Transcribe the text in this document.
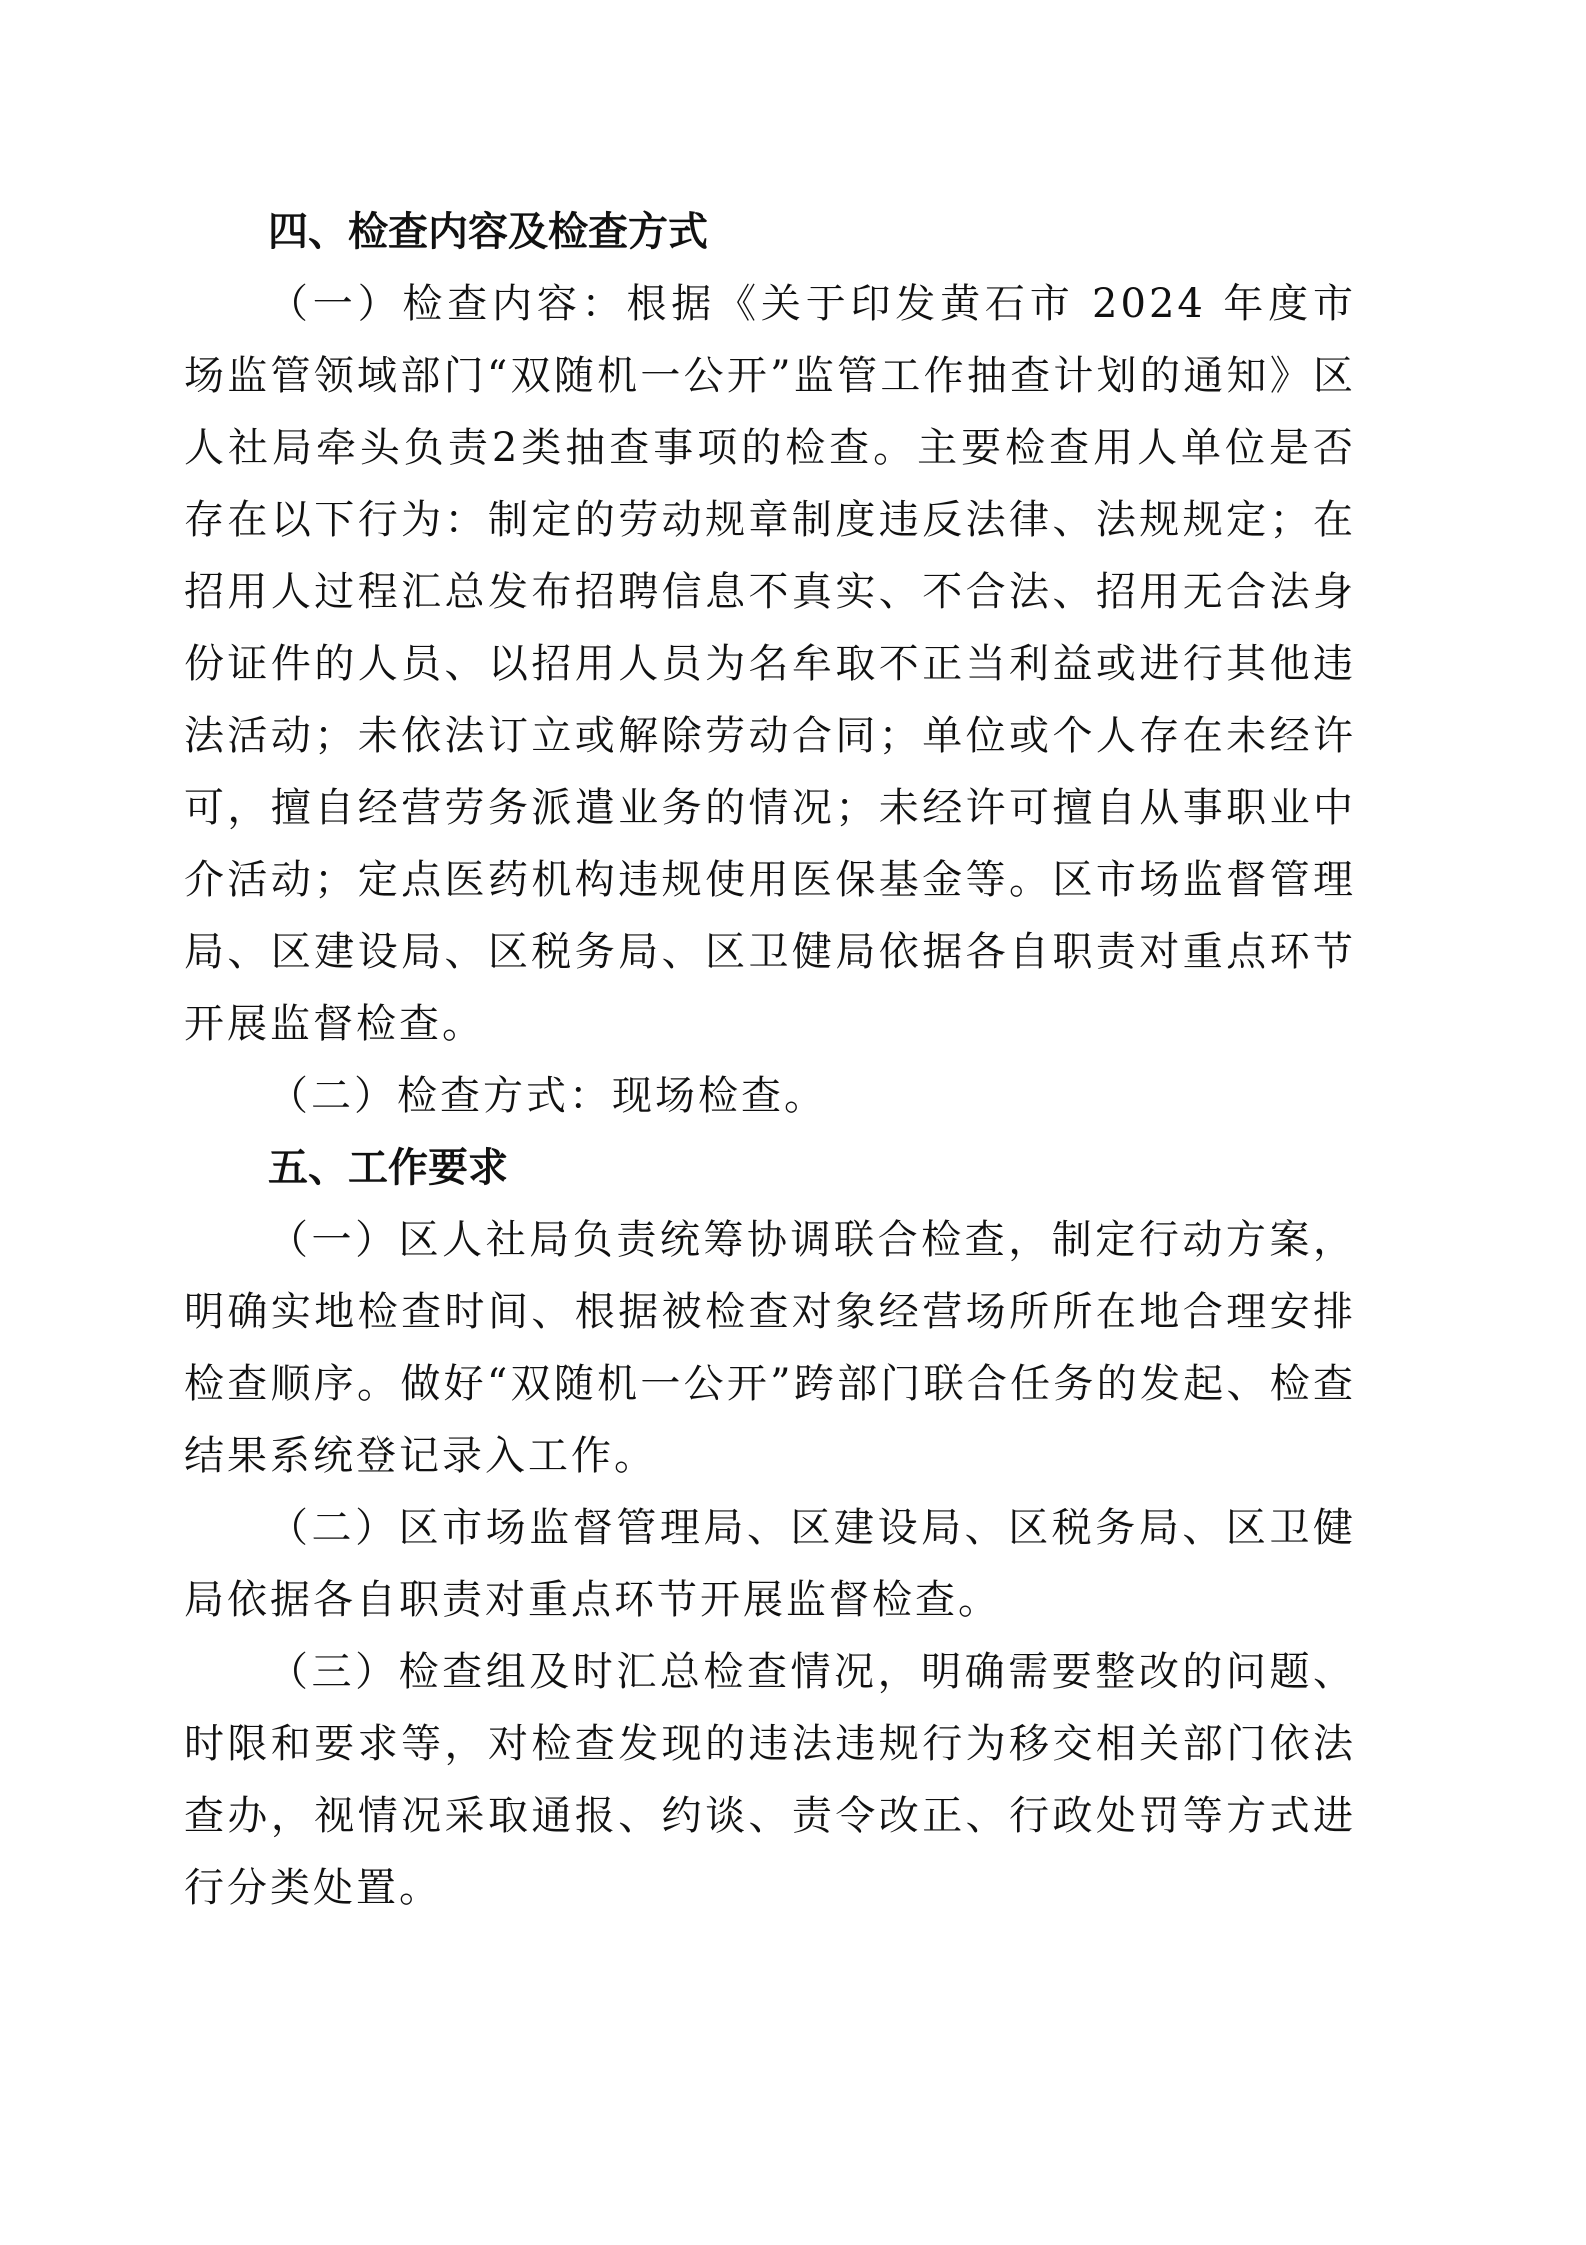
四、检查内容及检查方式

（一）检查内容：根据《关于印发黄石市 2024 年度市场监管领域部门“双随机一公开”监管工作抽查计划的通知》区人社局牵头负责2类抽查事项的检查。主要检查用人单位是否存在以下行为：制定的劳动规章制度违反法律、法规规定；在招用人过程汇总发布招聘信息不真实、不合法、招用无合法身份证件的人员、以招用人员为名牟取不正当利益或进行其他违法活动；未依法订立或解除劳动合同；单位或个人存在未经许可，擅自经营劳务派遣业务的情况；未经许可擅自从事职业中介活动；定点医药机构违规使用医保基金等。区市场监督管理局、区建设局、区税务局、区卫健局依据各自职责对重点环节开展监督检查。

（二）检查方式：现场检查。

五、工作要求

（一）区人社局负责统筹协调联合检查，制定行动方案，明确实地检查时间、根据被检查对象经营场所所在地合理安排检查顺序。做好“双随机一公开”跨部门联合任务的发起、检查结果系统登记录入工作。

（二）区市场监督管理局、区建设局、区税务局、区卫健局依据各自职责对重点环节开展监督检查。

（三）检查组及时汇总检查情况，明确需要整改的问题、时限和要求等，对检查发现的违法违规行为移交相关部门依法查办，视情况采取通报、约谈、责令改正、行政处罚等方式进行分类处置。
